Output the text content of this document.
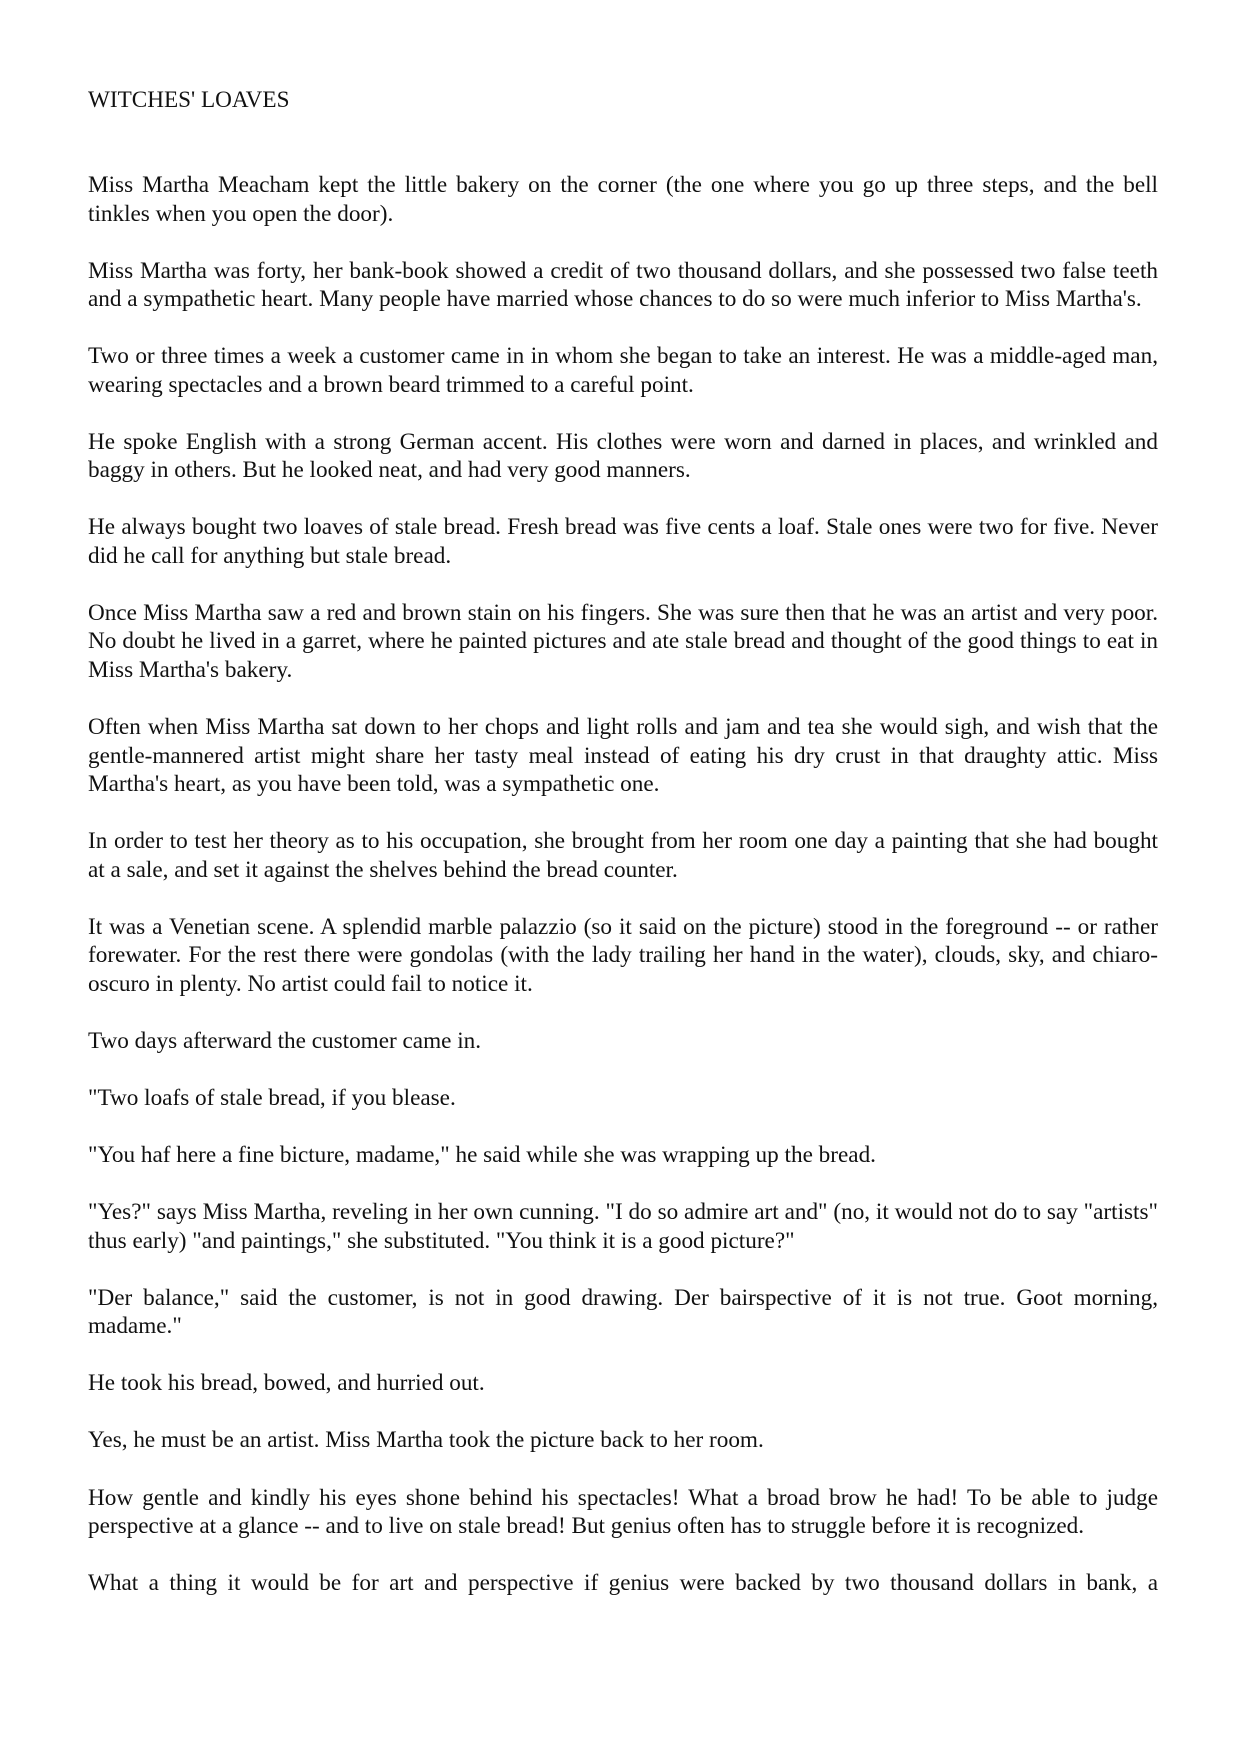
WITCHES' LOAVES

Miss Martha Meacham kept the little bakery on the corner (the one where you go up three steps, and the bell tinkles when you open the door).

Miss Martha was forty, her bank-book showed a credit of two thousand dollars, and she possessed two false teeth and a sympathetic heart. Many people have married whose chances to do so were much inferior to Miss Martha's.

Two or three times a week a customer came in in whom she began to take an interest. He was a middle-aged man, wearing spectacles and a brown beard trimmed to a careful point.

He spoke English with a strong German accent. His clothes were worn and darned in places, and wrinkled and baggy in others. But he looked neat, and had very good manners.

He always bought two loaves of stale bread. Fresh bread was five cents a loaf. Stale ones were two for five. Never did he call for anything but stale bread.

Once Miss Martha saw a red and brown stain on his fingers. She was sure then that he was an artist and very poor. No doubt he lived in a garret, where he painted pictures and ate stale bread and thought of the good things to eat in Miss Martha's bakery.

Often when Miss Martha sat down to her chops and light rolls and jam and tea she would sigh, and wish that the gentle-mannered artist might share her tasty meal instead of eating his dry crust in that draughty attic. Miss Martha's heart, as you have been told, was a sympathetic one.

In order to test her theory as to his occupation, she brought from her room one day a painting that she had bought at a sale, and set it against the shelves behind the bread counter.

It was a Venetian scene. A splendid marble palazzio (so it said on the picture) stood in the foreground -- or rather forewater. For the rest there were gondolas (with the lady trailing her hand in the water), clouds, sky, and chiaro-oscuro in plenty. No artist could fail to notice it.

Two days afterward the customer came in.

"Two loafs of stale bread, if you blease.

"You haf here a fine bicture, madame," he said while she was wrapping up the bread.

"Yes?" says Miss Martha, reveling in her own cunning. "I do so admire art and" (no, it would not do to say "artists" thus early) "and paintings," she substituted. "You think it is a good picture?"

"Der balance," said the customer, is not in good drawing. Der bairspective of it is not true. Goot morning, madame."

He took his bread, bowed, and hurried out.

Yes, he must be an artist. Miss Martha took the picture back to her room.

How gentle and kindly his eyes shone behind his spectacles! What a broad brow he had! To be able to judge perspective at a glance -- and to live on stale bread! But genius often has to struggle before it is recognized.

What a thing it would be for art and perspective if genius were backed by two thousand dollars in bank, a
